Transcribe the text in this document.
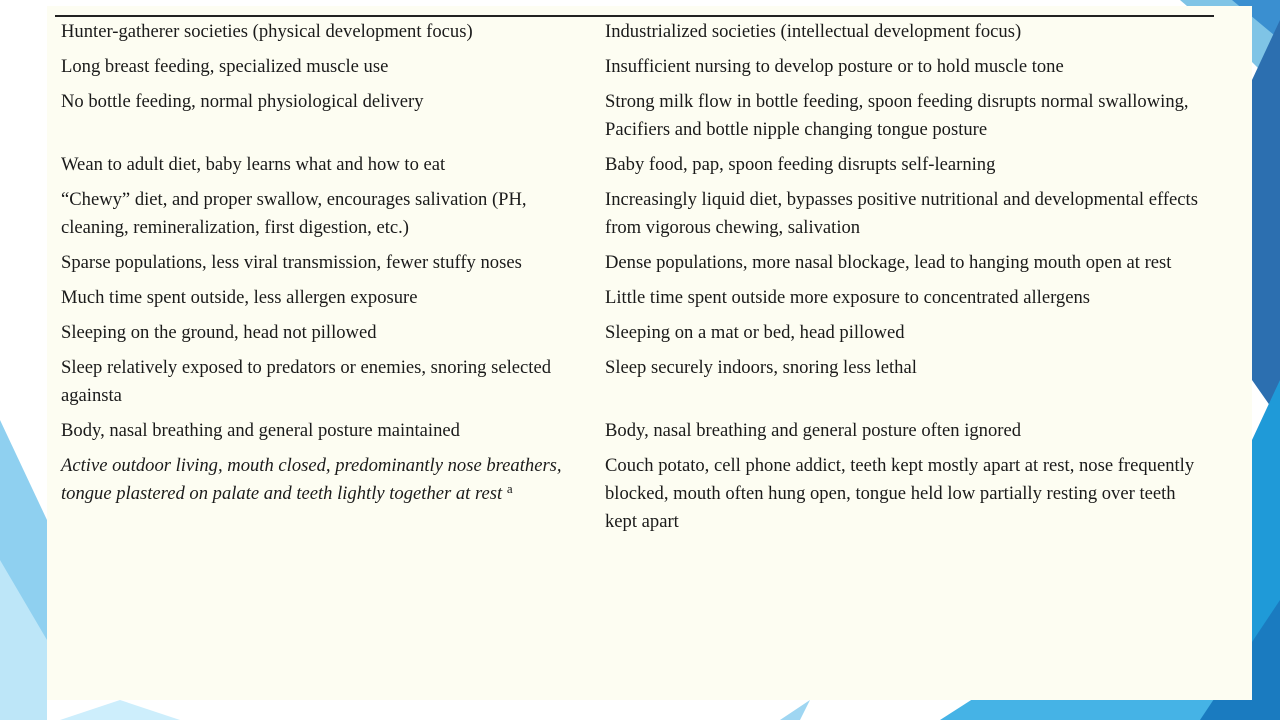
Hunter-gatherer societies (physical development focus)	Industrialized societies (intellectual development focus)
Long breast feeding, specialized muscle use	Insufficient nursing to develop posture or to hold muscle tone
No bottle feeding, normal physiological delivery	Strong milk flow in bottle feeding, spoon feeding disrupts normal swallowing, Pacifiers and bottle nipple changing tongue posture
Wean to adult diet, baby learns what and how to eat	Baby food, pap, spoon feeding disrupts self-learning
“Chewy” diet, and proper swallow, encourages salivation (PH, cleaning, remineralization, first digestion, etc.)	Increasingly liquid diet, bypasses positive nutritional and developmental effects from vigorous chewing, salivation
Sparse populations, less viral transmission, fewer stuffy noses	Dense populations, more nasal blockage, lead to hanging mouth open at rest
Much time spent outside, less allergen exposure	Little time spent outside more exposure to concentrated allergens
Sleeping on the ground, head not pillowed	Sleeping on a mat or bed, head pillowed
Sleep relatively exposed to predators or enemies, snoring selected againsta	Sleep securely indoors, snoring less lethal
Body, nasal breathing and general posture maintained	Body, nasal breathing and general posture often ignored
Active outdoor living, mouth closed, predominantly nose breathers, tongue plastered on palate and teeth lightly together at rest $^a$	Couch potato, cell phone addict, teeth kept mostly apart at rest, nose frequently blocked, mouth often hung open, tongue held low partially resting over teeth kept apart
